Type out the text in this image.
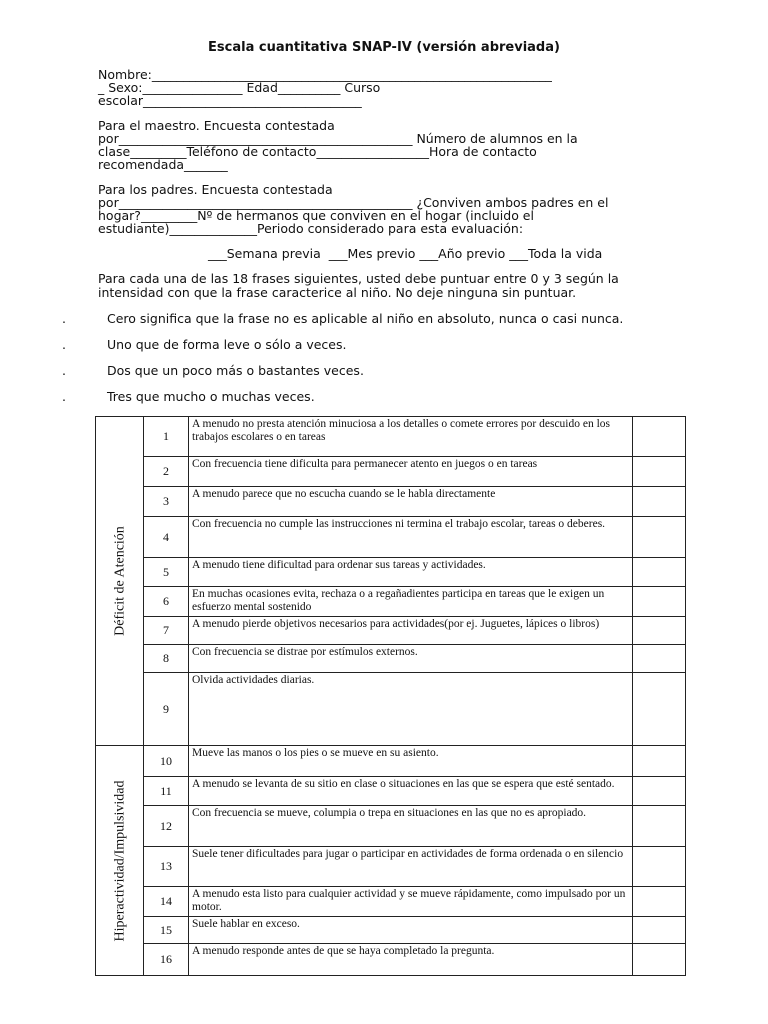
Escala cuantitativa SNAP-IV (versión abreviada)
Nombre:________________________________________________________________
_ Sexo:________________ Edad__________ Curso
escolar___________________________________
Para el maestro. Encuesta contestada
por_______________________________________________ Número de alumnos en la
clase_________Teléfono de contacto__________________Hora de contacto
recomendada_______
Para los padres. Encuesta contestada
por_______________________________________________ ¿Conviven ambos padres en el
hogar?_________Nº de hermanos que conviven en el hogar (incluido el
estudiante)______________Periodo considerado para esta evaluación:
___Semana previa  ___Mes previo ___Año previo ___Toda la vida
Para cada una de las 18 frases siguientes, usted debe puntuar entre 0 y 3 según la
intensidad con que la frase caracterice al niño. No deje ninguna sin puntuar.
.	Cero significa que la frase no es aplicable al niño en absoluto, nunca o casi nunca.
.	Uno que de forma leve o sólo a veces.
.	Dos que un poco más o bastantes veces.
.	Tres que mucho o muchas veces.
Déficit de Atención	1	A menudo no presta atención minuciosa a los detalles o comete errores por descuido en los trabajos escolares o en tareas	
	2	Con frecuencia tiene dificulta para permanecer atento en juegos o en tareas	
	3	A menudo parece que no escucha cuando se le habla directamente	
	4	Con frecuencia no cumple las instrucciones ni termina el trabajo escolar, tareas o deberes.	
	5	A menudo tiene dificultad para ordenar sus tareas y actividades.	
	6	En muchas ocasiones evita, rechaza o a regañadientes participa en tareas que le exigen un esfuerzo mental sostenido	
	7	A menudo pierde objetivos necesarios para actividades(por ej. Juguetes, lápices o libros)	
	8	Con frecuencia se distrae por estímulos externos.	
	9	Olvida actividades diarias.	

Hiperactividad/Impulsividad	10	Mueve las manos o los pies o se mueve en su asiento.	
	11	A menudo se levanta de su sitio en clase o situaciones en las que se espera que esté sentado.	
	12	Con frecuencia se mueve, columpia o trepa en situaciones en las que no es apropiado.	
	13	Suele tener dificultades para jugar o participar en actividades de forma ordenada o en silencio	
	14	A menudo esta listo para cualquier actividad y se mueve rápidamente, como impulsado por un motor.	
	15	Suele hablar en exceso.	
	16	A menudo responde antes de que se haya completado la pregunta.	
